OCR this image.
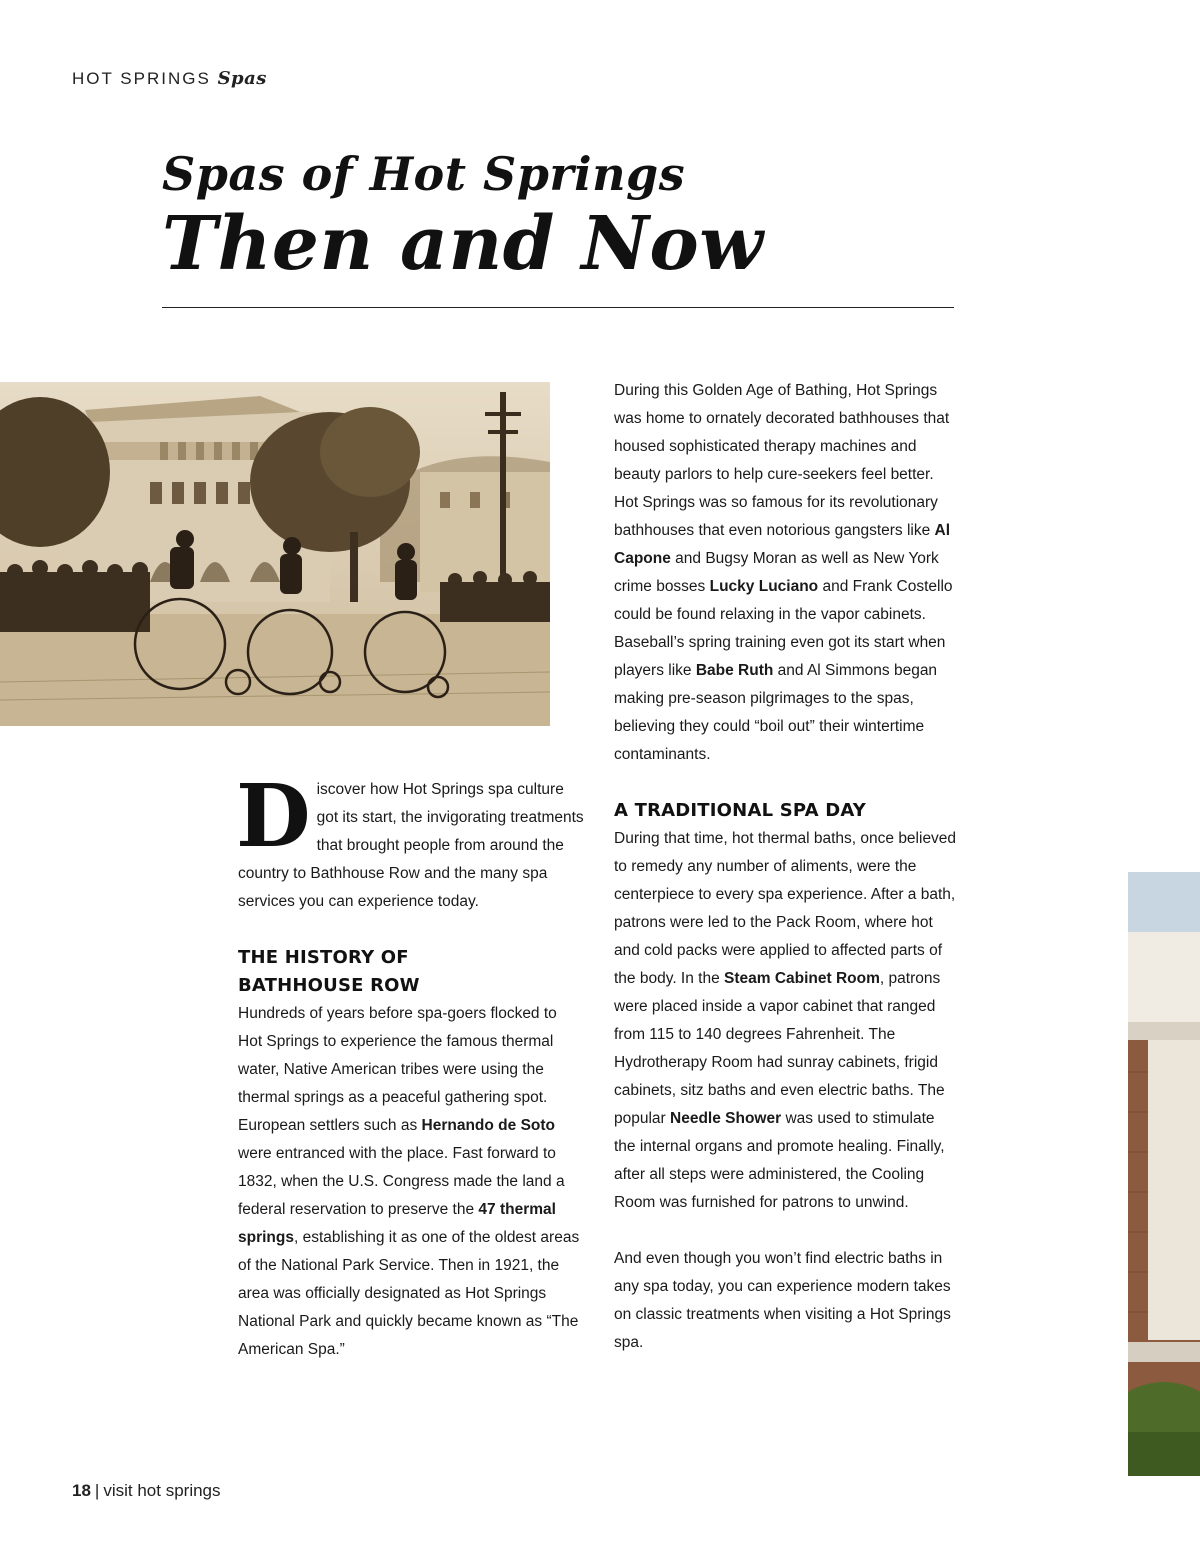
HOT SPRINGS Spas
Spas of Hot Springs
Then and Now

Discover how Hot Springs spa culture got its start, the invigorating treatments that brought people from around the country to Bathhouse Row and the many spa services you can experience today.

THE HISTORY OF
BATHHOUSE ROW

Hundreds of years before spa-goers flocked to Hot Springs to experience the famous thermal water, Native American tribes were using the thermal springs as a peaceful gathering spot. European settlers such as Hernando de Soto were entranced with the place. Fast forward to 1832, when the U.S. Congress made the land a federal reservation to preserve the 47 thermal springs, establishing it as one of the oldest areas of the National Park Service. Then in 1921, the area was officially designated as Hot Springs National Park and quickly became known as “The American Spa.”

During this Golden Age of Bathing, Hot Springs was home to ornately decorated bathhouses that housed sophisticated therapy machines and beauty parlors to help cure-seekers feel better. Hot Springs was so famous for its revolutionary bathhouses that even notorious gangsters like Al Capone and Bugsy Moran as well as New York crime bosses Lucky Luciano and Frank Costello could be found relaxing in the vapor cabinets. Baseball’s spring training even got its start when players like Babe Ruth and Al Simmons began making pre-season pilgrimages to the spas, believing they could “boil out” their wintertime contaminants.

A TRADITIONAL SPA DAY

During that time, hot thermal baths, once believed to remedy any number of aliments, were the centerpiece to every spa experience. After a bath, patrons were led to the Pack Room, where hot and cold packs were applied to affected parts of the body. In the Steam Cabinet Room, patrons were placed inside a vapor cabinet that ranged from 115 to 140 degrees Fahrenheit. The Hydrotherapy Room had sunray cabinets, frigid cabinets, sitz baths and even electric baths. The popular Needle Shower was used to stimulate the internal organs and promote healing. Finally, after all steps were administered, the Cooling Room was furnished for patrons to unwind.

And even though you won’t find electric baths in any spa today, you can experience modern takes on classic treatments when visiting a Hot Springs spa.

18 | visit hot springs
